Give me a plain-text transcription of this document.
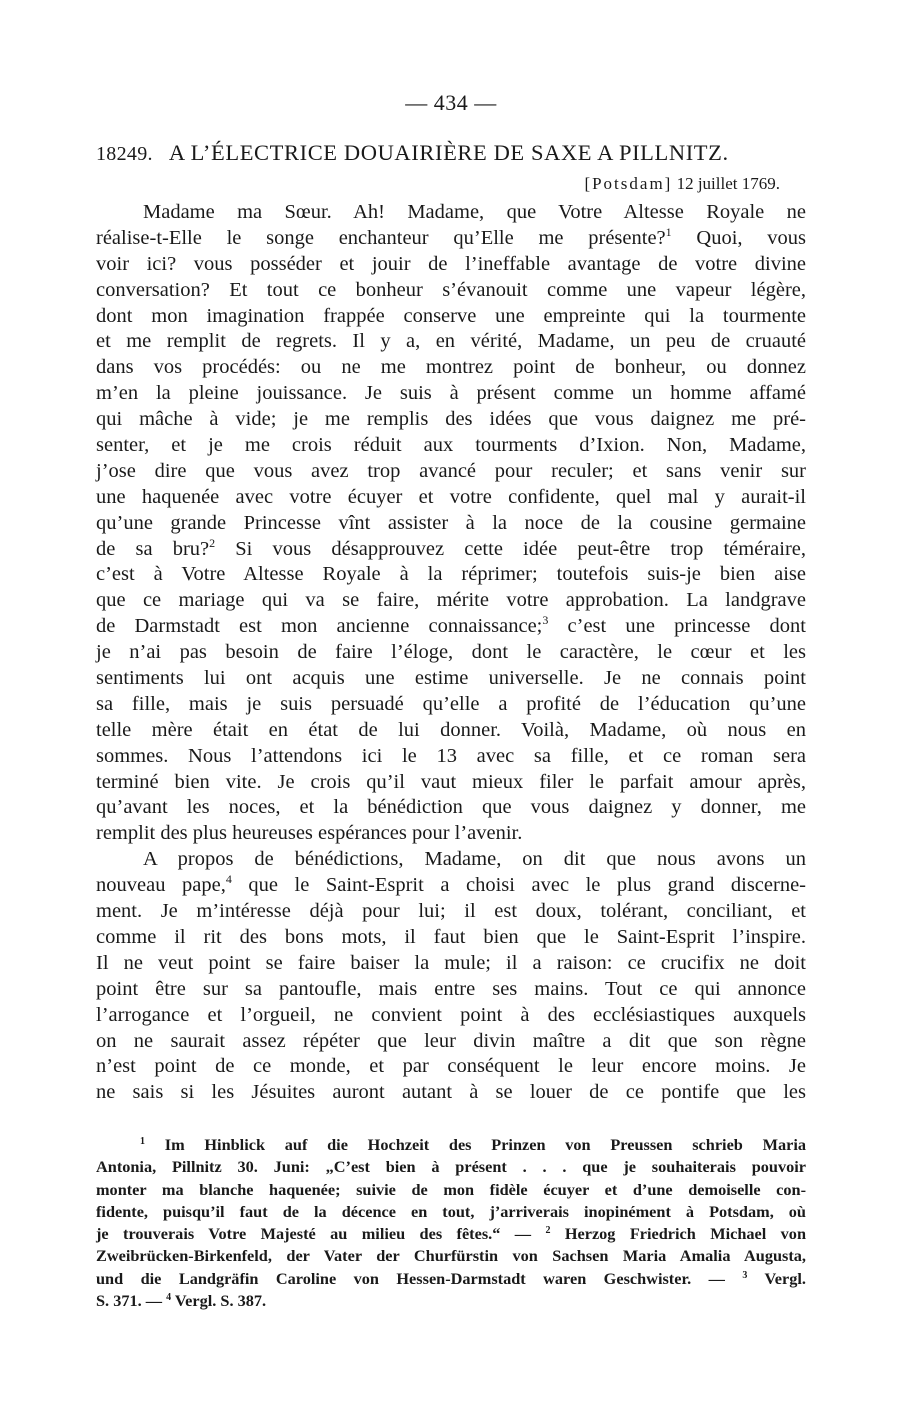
— 434 —
18249. A L’ÉLECTRICE DOUAIRIÈRE DE SAXE A PILLNITZ.
[Potsdam] 12 juillet 1769.
Madame ma Sœur. Ah! Madame, que Votre Altesse Royale ne
réalise-t-Elle le songe enchanteur qu’Elle me présente?$^1$ Quoi, vous
voir ici? vous posséder et jouir de l’ineffable avantage de votre divine
conversation? Et tout ce bonheur s’évanouit comme une vapeur légère,
dont mon imagination frappée conserve une empreinte qui la tourmente
et me remplit de regrets. Il y a, en vérité, Madame, un peu de cruauté
dans vos procédés: ou ne me montrez point de bonheur, ou donnez
m’en la pleine jouissance. Je suis à présent comme un homme affamé
qui mâche à vide; je me remplis des idées que vous daignez me pré-
senter, et je me crois réduit aux tourments d’Ixion. Non, Madame,
j’ose dire que vous avez trop avancé pour reculer; et sans venir sur
une haquenée avec votre écuyer et votre confidente, quel mal y aurait-il
qu’une grande Princesse vînt assister à la noce de la cousine germaine
de sa bru?$^2$ Si vous désapprouvez cette idée peut-être trop téméraire,
c’est à Votre Altesse Royale à la réprimer; toutefois suis-je bien aise
que ce mariage qui va se faire, mérite votre approbation. La landgrave
de Darmstadt est mon ancienne connaissance;$^3$ c’est une princesse dont
je n’ai pas besoin de faire l’éloge, dont le caractère, le cœur et les
sentiments lui ont acquis une estime universelle. Je ne connais point
sa fille, mais je suis persuadé qu’elle a profité de l’éducation qu’une
telle mère était en état de lui donner. Voilà, Madame, où nous en
sommes. Nous l’attendons ici le 13 avec sa fille, et ce roman sera
terminé bien vite. Je crois qu’il vaut mieux filer le parfait amour après,
qu’avant les noces, et la bénédiction que vous daignez y donner, me
remplit des plus heureuses espérances pour l’avenir.
A propos de bénédictions, Madame, on dit que nous avons un
nouveau pape,$^4$ que le Saint-Esprit a choisi avec le plus grand discerne-
ment. Je m’intéresse déjà pour lui; il est doux, tolérant, conciliant, et
comme il rit des bons mots, il faut bien que le Saint-Esprit l’inspire.
Il ne veut point se faire baiser la mule; il a raison: ce crucifix ne doit
point être sur sa pantoufle, mais entre ses mains. Tout ce qui annonce
l’arrogance et l’orgueil, ne convient point à des ecclésiastiques auxquels
on ne saurait assez répéter que leur divin maître a dit que son règne
n’est point de ce monde, et par conséquent le leur encore moins. Je
ne sais si les Jésuites auront autant à se louer de ce pontife que les
$^1$ Im Hinblick auf die Hochzeit des Prinzen von Preussen schrieb Maria
Antonia, Pillnitz 30. Juni: „C’est bien à présent . . . que je souhaiterais pouvoir
monter ma blanche haquenée; suivie de mon fidèle écuyer et d’une demoiselle con-
fidente, puisqu’il faut de la décence en tout, j’arriverais inopinément à Potsdam, où
je trouverais Votre Majesté au milieu des fêtes.“ — $^2$ Herzog Friedrich Michael von
Zweibrücken-Birkenfeld, der Vater der Churfürstin von Sachsen Maria Amalia Augusta,
und die Landgräfin Caroline von Hessen-Darmstadt waren Geschwister. — $^3$ Vergl.
S. 371. — $^4$ Vergl. S. 387.
